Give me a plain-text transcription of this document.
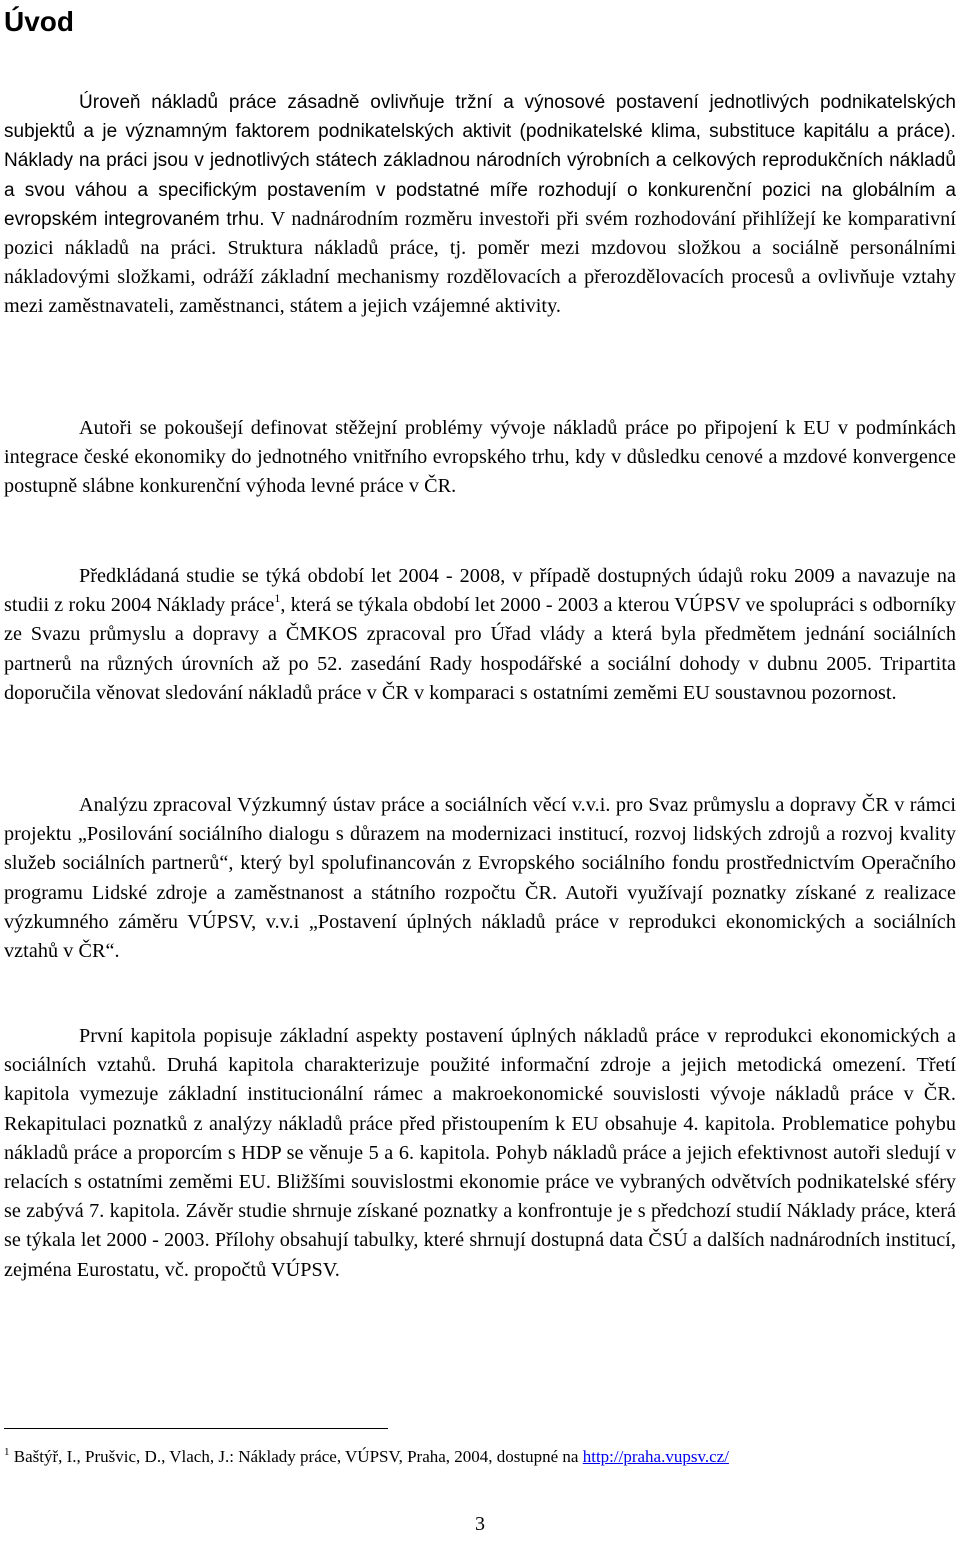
Úvod

Úroveň nákladů práce zásadně ovlivňuje tržní a výnosové postavení jednotlivých podnikatelských subjektů a je významným faktorem podnikatelských aktivit (podnikatelské klima, substituce kapitálu a práce). Náklady na práci jsou v jednotlivých státech základnou národních výrobních a celkových reprodukčních nákladů a svou váhou a specifickým postavením v podstatné míře rozhodují o konkurenční pozici na globálním a evropském integrovaném trhu. V nadnárodním rozměru investoři při svém rozhodování přihlížejí ke komparativní pozici nákladů na práci. Struktura nákladů práce, tj. poměr mezi mzdovou složkou a sociálně personálními nákladovými složkami, odráží základní mechanismy rozdělovacích a přerozdělovacích procesů a ovlivňuje vztahy mezi zaměstnavateli, zaměstnanci, státem a jejich vzájemné aktivity.

Autoři se pokoušejí definovat stěžejní problémy vývoje nákladů práce po připojení k EU v podmínkách integrace české ekonomiky do jednotného vnitřního evropského trhu, kdy v důsledku cenové a mzdové konvergence postupně slábne konkurenční výhoda levné práce v ČR.

Předkládaná studie se týká období let 2004 - 2008, v případě dostupných údajů roku 2009 a navazuje na studii z roku 2004 Náklady práce$^1$, která se týkala období let 2000 - 2003 a kterou VÚPSV ve spolupráci s odborníky ze Svazu průmyslu a dopravy a ČMKOS zpracoval pro Úřad vlády a která byla předmětem jednání sociálních partnerů na různých úrovních až po 52. zasedání Rady hospodářské a sociální dohody v dubnu 2005. Tripartita doporučila věnovat sledování nákladů práce v ČR v komparaci s ostatními zeměmi EU soustavnou pozornost.

Analýzu zpracoval Výzkumný ústav práce a sociálních věcí v.v.i. pro Svaz průmyslu a dopravy ČR v rámci projektu „Posilování sociálního dialogu s důrazem na modernizaci institucí, rozvoj lidských zdrojů a rozvoj kvality služeb sociálních partnerů“, který byl spolufinancován z Evropského sociálního fondu prostřednictvím Operačního programu Lidské zdroje a zaměstnanost a státního rozpočtu ČR. Autoři využívají poznatky získané z realizace výzkumného záměru VÚPSV, v.v.i „Postavení úplných nákladů práce v reprodukci ekonomických a sociálních vztahů v ČR“.

První kapitola popisuje základní aspekty postavení úplných nákladů práce v reprodukci ekonomických a sociálních vztahů. Druhá kapitola charakterizuje použité informační zdroje a jejich metodická omezení. Třetí kapitola vymezuje základní institucionální rámec a makroekonomické souvislosti vývoje nákladů práce v ČR. Rekapitulaci poznatků z analýzy nákladů práce před přistoupením k EU obsahuje 4. kapitola. Problematice pohybu nákladů práce a proporcím s HDP se věnuje 5 a 6. kapitola. Pohyb nákladů práce a jejich efektivnost autoři sledují v relacích s ostatními zeměmi EU. Bližšími souvislostmi ekonomie práce ve vybraných odvětvích podnikatelské sféry se zabývá 7. kapitola. Závěr studie shrnuje získané poznatky a konfrontuje je s předchozí studií Náklady práce, která se týkala let 2000 - 2003. Přílohy obsahují tabulky, které shrnují dostupná data ČSÚ a dalších nadnárodních institucí, zejména Eurostatu, vč. propočtů VÚPSV.

$^1$ Baštýř, I., Prušvic, D., Vlach, J.: Náklady práce, VÚPSV, Praha, 2004, dostupné na http://praha.vupsv.cz/

3
